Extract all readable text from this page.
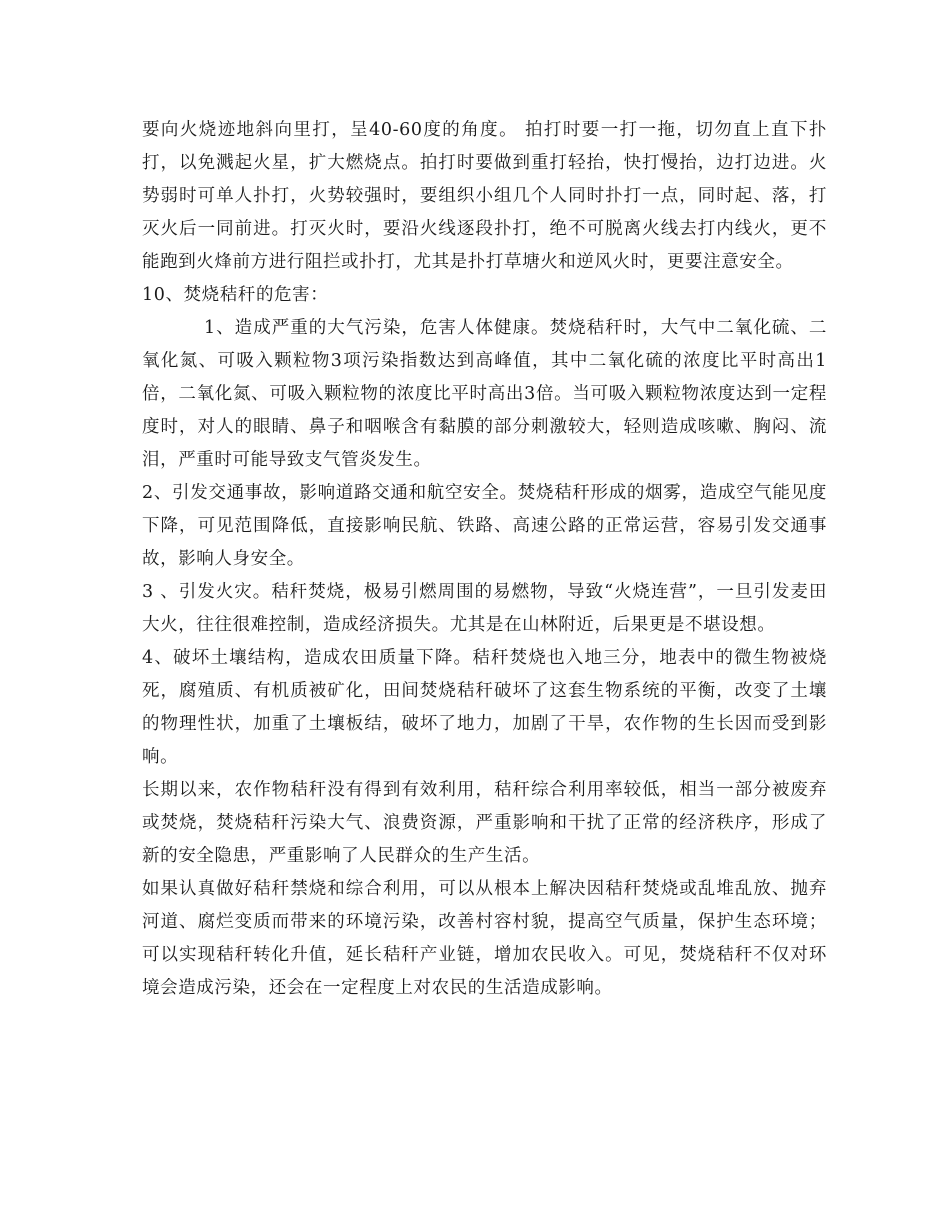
要向火烧迹地斜向里打，呈40-60度的角度。 拍打时要一打一拖，切勿直上直下扑打，以免溅起火星，扩大燃烧点。拍打时要做到重打轻抬，快打慢抬，边打边进。火势弱时可单人扑打，火势较强时，要组织小组几个人同时扑打一点，同时起、落，打灭火后一同前进。打灭火时，要沿火线逐段扑打，绝不可脱离火线去打内线火，更不能跑到火烽前方进行阻拦或扑打，尤其是扑打草塘火和逆风火时，更要注意安全。

10、焚烧秸秆的危害：

1、造成严重的大气污染，危害人体健康。焚烧秸秆时，大气中二氧化硫、二氧化氮、可吸入颗粒物3项污染指数达到高峰值，其中二氧化硫的浓度比平时高出1倍，二氧化氮、可吸入颗粒物的浓度比平时高出3倍。当可吸入颗粒物浓度达到一定程度时，对人的眼睛、鼻子和咽喉含有黏膜的部分刺激较大，轻则造成咳嗽、胸闷、流泪，严重时可能导致支气管炎发生。

2、引发交通事故，影响道路交通和航空安全。焚烧秸秆形成的烟雾，造成空气能见度下降，可见范围降低，直接影响民航、铁路、高速公路的正常运营，容易引发交通事故，影响人身安全。

3 、引发火灾。秸秆焚烧，极易引燃周围的易燃物，导致“火烧连营”，一旦引发麦田大火，往往很难控制，造成经济损失。尤其是在山林附近，后果更是不堪设想。

4、破坏土壤结构，造成农田质量下降。秸秆焚烧也入地三分，地表中的微生物被烧死，腐殖质、有机质被矿化，田间焚烧秸秆破坏了这套生物系统的平衡，改变了土壤的物理性状，加重了土壤板结，破坏了地力，加剧了干旱，农作物的生长因而受到影响。

长期以来，农作物秸秆没有得到有效利用，秸秆综合利用率较低，相当一部分被废弃或焚烧，焚烧秸秆污染大气、浪费资源，严重影响和干扰了正常的经济秩序，形成了新的安全隐患，严重影响了人民群众的生产生活。

如果认真做好秸秆禁烧和综合利用，可以从根本上解决因秸秆焚烧或乱堆乱放、抛弃河道、腐烂变质而带来的环境污染，改善村容村貌，提高空气质量，保护生态环境；可以实现秸秆转化升值，延长秸秆产业链，增加农民收入。可见，焚烧秸秆不仅对环境会造成污染，还会在一定程度上对农民的生活造成影响。
